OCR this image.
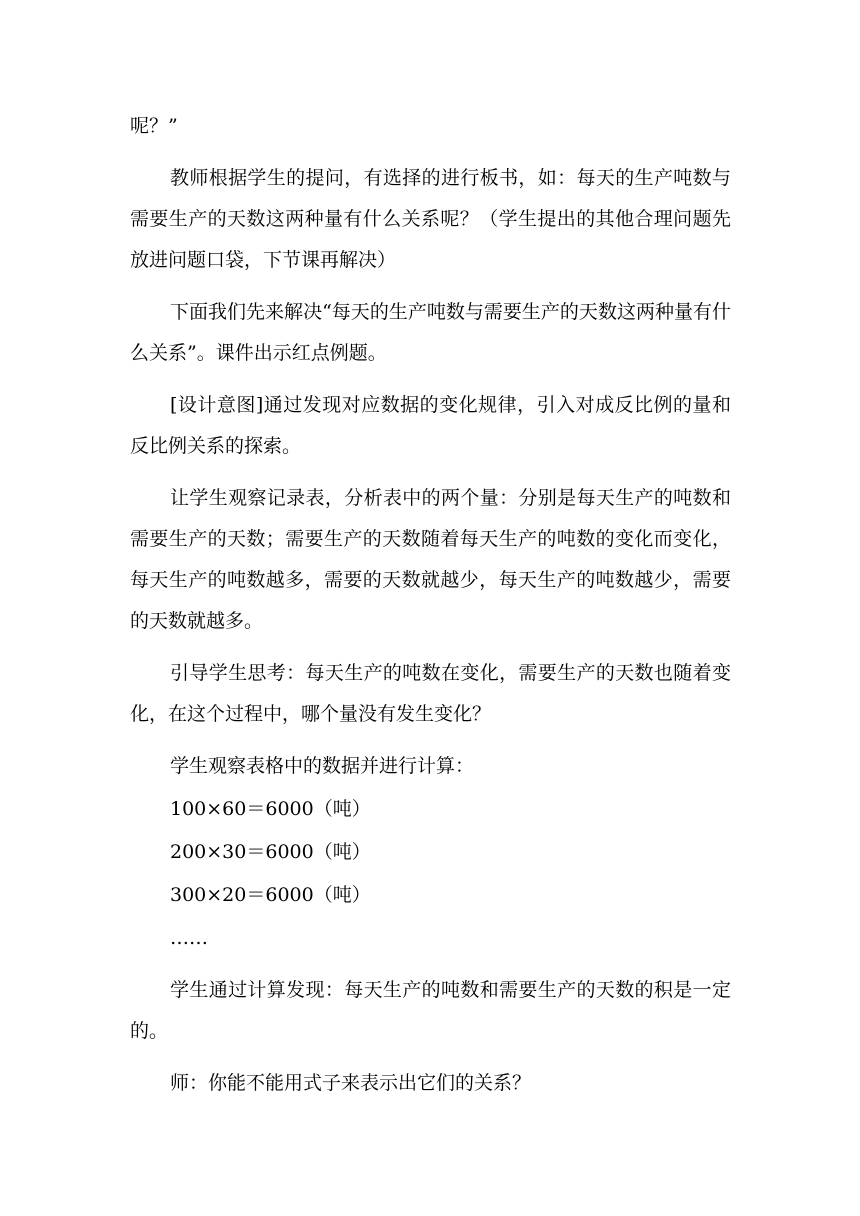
呢？”

教师根据学生的提问，有选择的进行板书，如：每天的生产吨数与需要生产的天数这两种量有什么关系呢？（学生提出的其他合理问题先放进问题口袋，下节课再解决）

下面我们先来解决“每天的生产吨数与需要生产的天数这两种量有什么关系”。课件出示红点例题。

[设计意图]通过发现对应数据的变化规律，引入对成反比例的量和反比例关系的探索。

让学生观察记录表，分析表中的两个量：分别是每天生产的吨数和需要生产的天数；需要生产的天数随着每天生产的吨数的变化而变化，每天生产的吨数越多，需要的天数就越少，每天生产的吨数越少，需要的天数就越多。

引导学生思考：每天生产的吨数在变化，需要生产的天数也随着变化，在这个过程中，哪个量没有发生变化？

学生观察表格中的数据并进行计算：

100×60＝6000（吨）

200×30＝6000（吨）

300×20＝6000（吨）

……

学生通过计算发现：每天生产的吨数和需要生产的天数的积是一定的。

师：你能不能用式子来表示出它们的关系？
